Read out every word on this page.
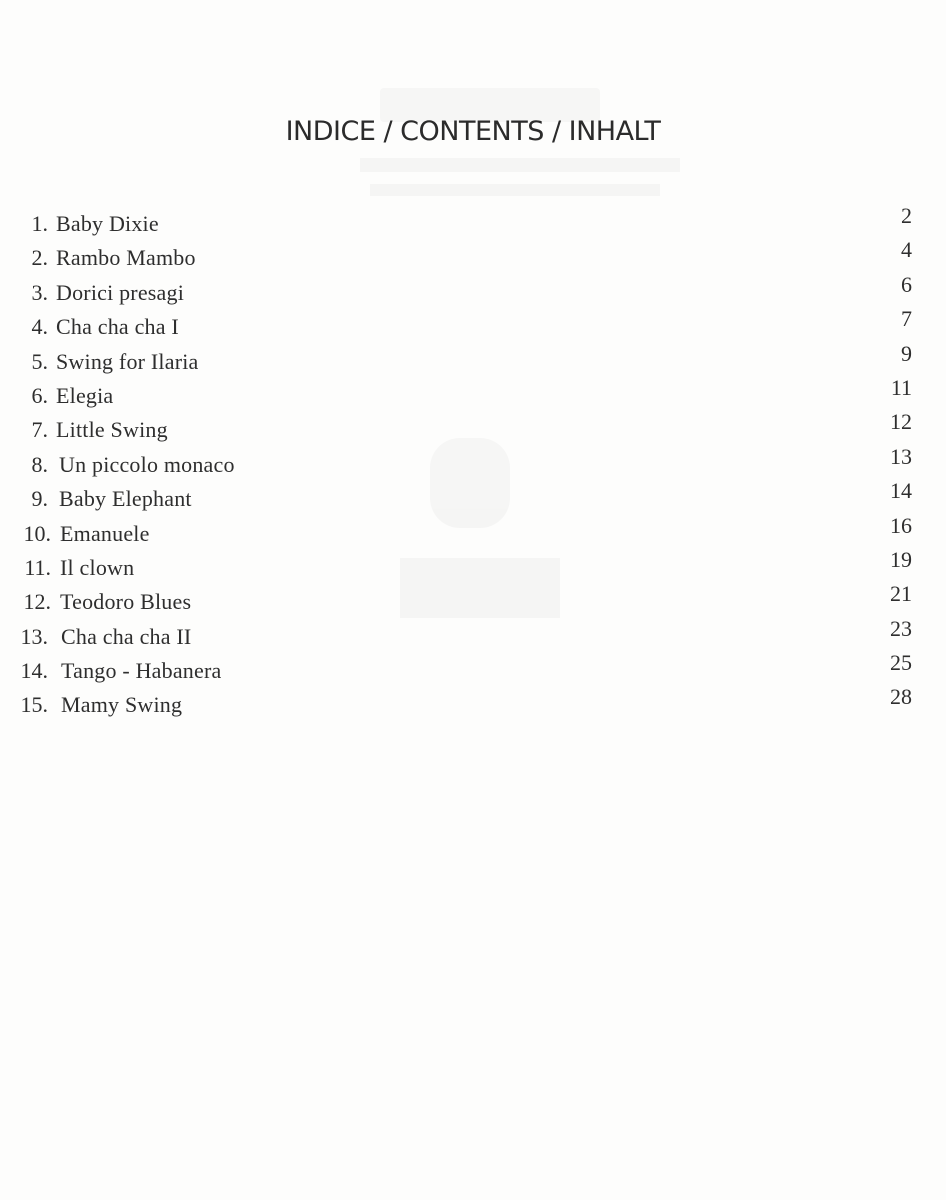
INDICE / CONTENTS / INHALT
1. Baby Dixie	2
2. Rambo Mambo	4
3. Dorici presagi	6
4. Cha cha cha I	7
5. Swing for Ilaria	9
6. Elegia	11
7. Little Swing	12
8. Un piccolo monaco	13
9. Baby Elephant	14
10. Emanuele	16
11. Il clown	19
12. Teodoro Blues	21
13. Cha cha cha II	23
14. Tango - Habanera	25
15. Mamy Swing	28
